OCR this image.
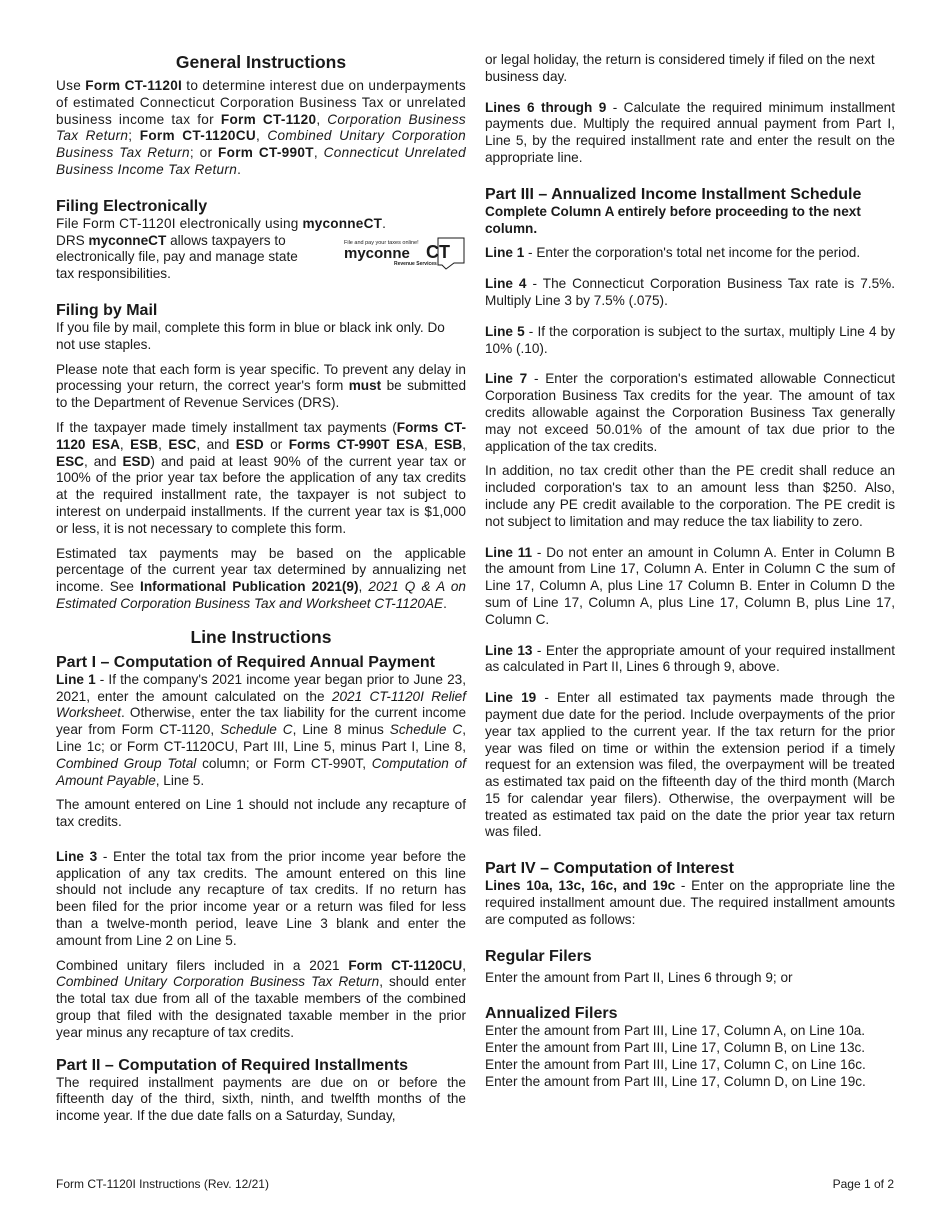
General Instructions

Use Form CT-1120I to determine interest due on underpayments of estimated Connecticut Corporation Business Tax or unrelated business income tax for Form CT-1120, Corporation Business Tax Return; Form CT-1120CU, Combined Unitary Corporation Business Tax Return; or Form CT-990T, Connecticut Unrelated Business Income Tax Return.

Filing Electronically

File Form CT-1120I electronically using myconneCT.

DRS myconneCT allows taxpayers to electronically file, pay and manage state tax responsibilities.

File and pay your taxes online!
myconne CT
Revenue Services
Filing by Mail

If you file by mail, complete this form in blue or black ink only. Do not use staples.

Please note that each form is year specific. To prevent any delay in processing your return, the correct year's form must be submitted to the Department of Revenue Services (DRS).

If the taxpayer made timely installment tax payments (Forms CT-1120 ESA, ESB, ESC, and ESD or Forms CT-990T ESA, ESB, ESC, and ESD) and paid at least 90% of the current year tax or 100% of the prior year tax before the application of any tax credits at the required installment rate, the taxpayer is not subject to interest on underpaid installments. If the current year tax is $1,000 or less, it is not necessary to complete this form.

Estimated tax payments may be based on the applicable percentage of the current year tax determined by annualizing net income. See Informational Publication 2021(9), 2021 Q & A on Estimated Corporation Business Tax and Worksheet CT-1120AE.

Line Instructions
Part I – Computation of Required Annual Payment

Line 1 - If the company's 2021 income year began prior to June 23, 2021, enter the amount calculated on the 2021 CT-1120I Relief Worksheet. Otherwise, enter the tax liability for the current income year from Form CT-1120, Schedule C, Line 8 minus Schedule C, Line 1c; or Form CT-1120CU, Part III, Line 5, minus Part I, Line 8, Combined Group Total column; or Form CT-990T, Computation of Amount Payable, Line 5.

The amount entered on Line 1 should not include any recapture of tax credits.

Line 3 - Enter the total tax from the prior income year before the application of any tax credits. The amount entered on this line should not include any recapture of tax credits. If no return has been filed for the prior income year or a return was filed for less than a twelve-month period, leave Line 3 blank and enter the amount from Line 2 on Line 5.

Combined unitary filers included in a 2021 Form CT-1120CU, Combined Unitary Corporation Business Tax Return, should enter the total tax due from all of the taxable members of the combined group that filed with the designated taxable member in the prior year minus any recapture of tax credits.

Part II – Computation of Required Installments

The required installment payments are due on or before the fifteenth day of the third, sixth, ninth, and twelfth months of the income year. If the due date falls on a Saturday, Sunday,

or legal holiday, the return is considered timely if filed on the next business day.

Lines 6 through 9 - Calculate the required minimum installment payments due. Multiply the required annual payment from Part I, Line 5, by the required installment rate and enter the result on the appropriate line.

Part III – Annualized Income Installment Schedule

Complete Column A entirely before proceeding to the next column.

Line 1 - Enter the corporation's total net income for the period.

Line 4 - The Connecticut Corporation Business Tax rate is 7.5%. Multiply Line 3 by 7.5% (.075).

Line 5 - If the corporation is subject to the surtax, multiply Line 4 by 10% (.10).

Line 7 - Enter the corporation's estimated allowable Connecticut Corporation Business Tax credits for the year. The amount of tax credits allowable against the Corporation Business Tax generally may not exceed 50.01% of the amount of tax due prior to the application of the tax credits.

In addition, no tax credit other than the PE credit shall reduce an included corporation's tax to an amount less than $250. Also, include any PE credit available to the corporation. The PE credit is not subject to limitation and may reduce the tax liability to zero.

Line 11 - Do not enter an amount in Column A. Enter in Column B the amount from Line 17, Column A. Enter in Column C the sum of Line 17, Column A, plus Line 17 Column B. Enter in Column D the sum of Line 17, Column A, plus Line 17, Column B, plus Line 17, Column C.

Line 13 - Enter the appropriate amount of your required installment as calculated in Part II, Lines 6 through 9, above.

Line 19 - Enter all estimated tax payments made through the payment due date for the period. Include overpayments of the prior year tax applied to the current year. If the tax return for the prior year was filed on time or within the extension period if a timely request for an extension was filed, the overpayment will be treated as estimated tax paid on the fifteenth day of the third month (March 15 for calendar year filers). Otherwise, the overpayment will be treated as estimated tax paid on the date the prior year tax return was filed.

Part IV – Computation of Interest

Lines 10a, 13c, 16c, and 19c - Enter on the appropriate line the required installment amount due. The required installment amounts are computed as follows:

Regular Filers

Enter the amount from Part II, Lines 6 through 9; or

Annualized Filers

Enter the amount from Part III, Line 17, Column A, on Line 10a.

Enter the amount from Part III, Line 17, Column B, on Line 13c.

Enter the amount from Part III, Line 17, Column C, on Line 16c.

Enter the amount from Part III, Line 17, Column D, on Line 19c.

Form CT-1120I Instructions (Rev. 12/21)	Page 1 of 2
